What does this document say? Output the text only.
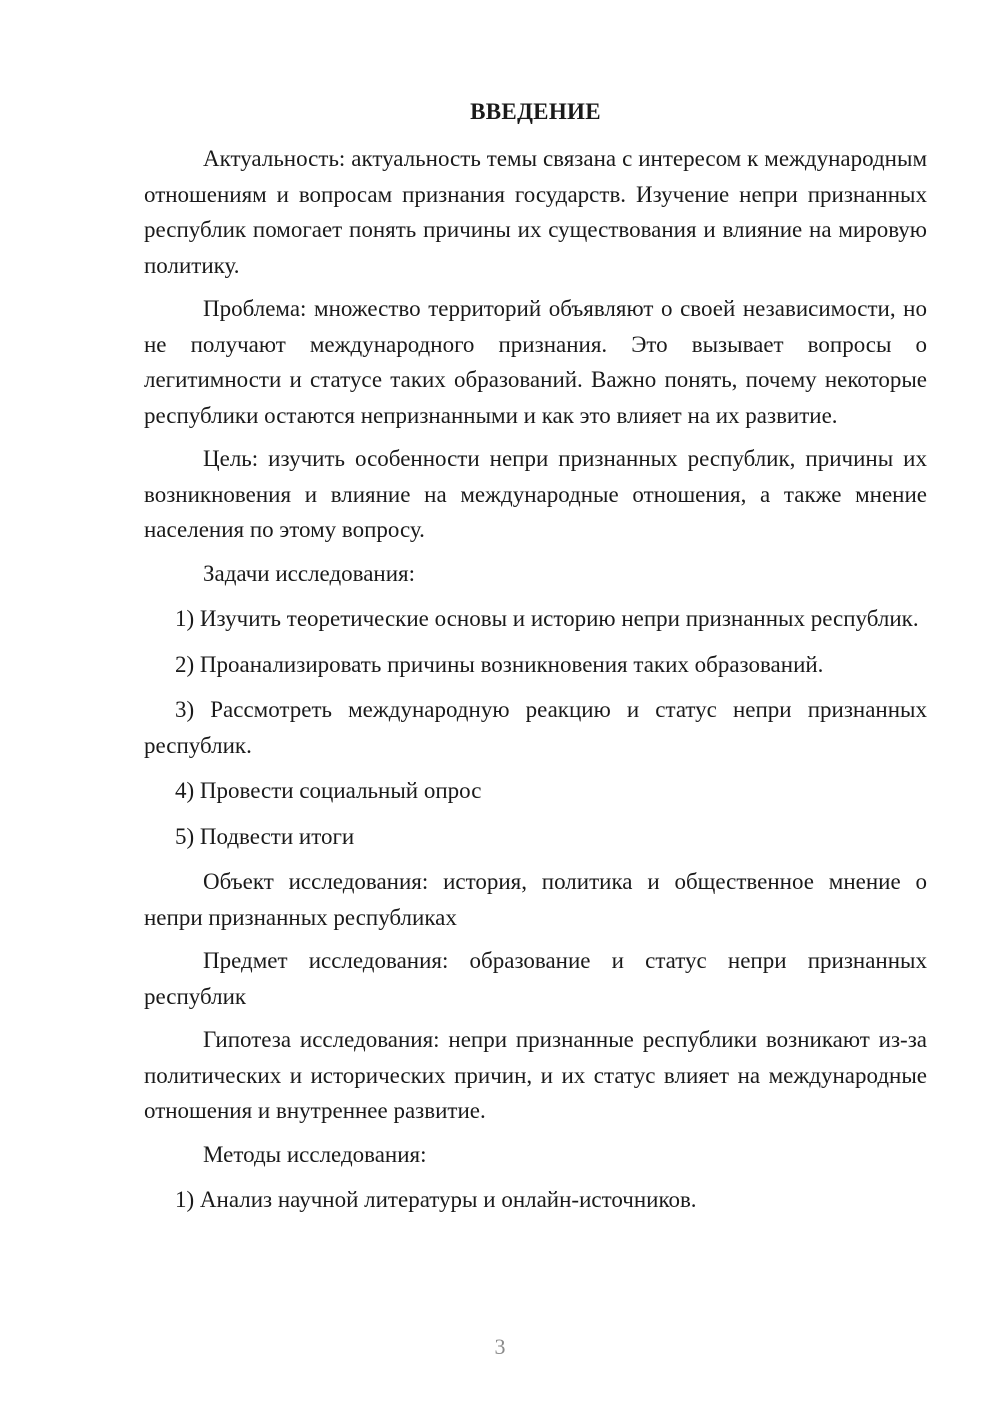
ВВЕДЕНИЕ

Актуальность: актуальность темы связана с интересом к международным отношениям и вопросам признания государств. Изучение непри признанных республик помогает понять причины их существования и влияние на мировую политику.

Проблема: множество территорий объявляют о своей независимости, но не получают международного признания. Это вызывает вопросы о легитимности и статусе таких образований. Важно понять, почему некоторые республики остаются непризнанными и как это влияет на их развитие.

Цель: изучить особенности непри признанных республик, причины их возникновения и влияние на международные отношения, а также мнение населения по этому вопросу.

Задачи исследования:

1) Изучить теоретические основы и историю непри признанных республик.

2) Проанализировать причины возникновения таких образований.

3) Рассмотреть международную реакцию и статус непри признанных республик.

4) Провести социальный опрос

5) Подвести итоги

Объект исследования: история, политика и общественное мнение о непри признанных республиках

Предмет исследования: образование и статус непри признанных республик

Гипотеза исследования: непри признанные республики возникают из-за политических и исторических причин, и их статус влияет на международные отношения и внутреннее развитие.

Методы исследования:

1) Анализ научной литературы и онлайн-источников.

3
